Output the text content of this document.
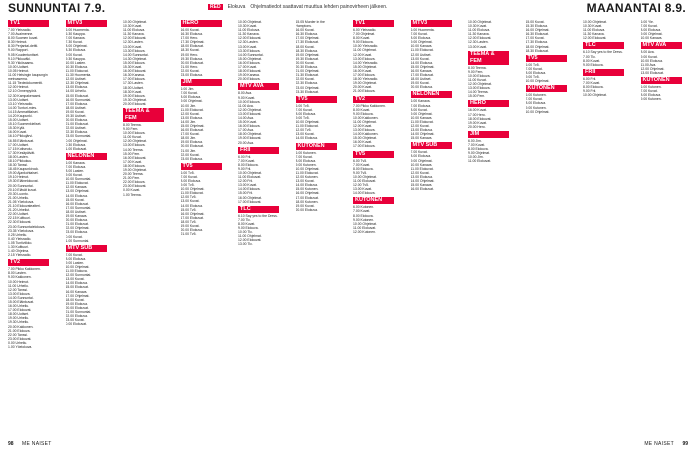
SUNNUNTAI 7.9.	RED	Elokuva Ohjelmatiedot saattavat muuttua lehden painovirheen jälkeen.	MAANANTAI 8.9.
TV1
7.00 Yleisradio.
7.00 Avaimenne.
8.00 Suomen kuvat.
8.30 Heimot.
8.30 Perjantai-deitti.
9.00 Rapport.
9.05 Kuudentuntiset.
9.10 Pikkuväki.
9.30 Ykkösaamu.
10.00 Uutiset.
10.05 Heimot.
11.00 Helsingin kaupungin
metroasema.
11.15 Tiededokumentti.
12.00 Heimot.
12.10 Onnenpyörä.
12.30 Kampakeraami.
13.00 Uutiset.
13.10 Yleisradio.
14.00 Tunturi-mies.
14.15 Ammattilaiset.
14.20 Kaupunki.
15.00 Uutiset.
15.10 Suomenkieliset.
15.30 Kylä.
16.00 Kuvat.
16.10 Pikkujärvi.
16.55 Eläinkuvat.
17.00 Uutiset.
17.15 Kotiseutu.
17.30 Kesäpäivät.
18.00 Lasten.
18.10 Pikkukuu.
18.30 Tanssi.
18.45 Kaupunkirock.
19.00 Ajankohtaiset.
19.10 Heimot.
19.30 Eläinelokuvat.
20.00 Sunnuntai.
20.10 Elävät kuvat.
20.30 Luonto.
21.00 Urheilu.
21.05 Yöelokuva.
21.10 Elokuvateatteri.
21.20 Urheilut.
22.00 Uutiset.
22.15 Kulttuuri.
22.30 Elokuvat.
23.00 Sunnuntaielokuva.
23.35 Yöelokuva.
0.25 Urheilu.
0.40 Yleisradio.
1.05 Tuntiviikko.
1.30 Kulttuuri.
1.40 Ohjelma.
2.15 Yleisradio.
TV2
7.00 Pikku Kakkonen.
8.00 Lasten.
9.00 Kakkonen.
10.00 Heimot.
11.00 Urheilu.
12.00 Tanssi.
13.00 Elokuva.
14.00 Sunnuntai.
15.00 Eläinkuvat.
16.00 Urheilu.
17.00 Elokuvat.
18.00 Uutiset.
19.00 Urheilu.
19.30 Urheilu.
20.00 Kakkonen.
21.00 Elokuva.
22.00 Tanssi.
23.00 Elokuvat.
0.00 Urheilu.
1.00 Yöelokuva.
MTV3
6.00 Huomenta.
6.30 Kauppa.
7.00 Kanava.
7.30 Kuvat.
8.00 Ohjelmat.
8.30 Elokuva.
9.00 Kuvat.
9.30 Kauppa.
10.00 Lasten.
10.30 Elokuva.
11.00 Elokuvat.
11.30 Huomenta.
12.00 Uutiset.
12.30 Ohjelmat.
13.00 Elokuva.
14.00 Urheilu.
15.00 Elokuvat.
16.00 Sunnuntai.
17.00 Elokuva.
18.00 Uutiset.
19.00 Kuvat.
19.30 Uutiset.
20.00 Elokuva.
21.00 Elokuvat.
22.00 Uutiset.
22.30 Elokuva.
23.00 Sunnuntai.
0.00 Ohjelmat.
0.30 Elokuva.
1.00 Elokuvat.
NELONEN
6.00 Kanava.
7.00 Elokuva.
8.00 Lasten.
9.00 Kuvat.
10.00 Sunnuntai.
11.00 Elokuvat.
12.00 Kanava.
13.00 Ohjelmat.
14.00 Elokuva.
15.00 Kuvat.
16.00 Elokuvat.
17.00 Sunnuntai.
18.00 Uutiset.
19.00 Kanava.
20.00 Elokuva.
21.00 Elokuvat.
22.00 Ohjelmat.
23.00 Elokuva.
0.00 Kuvat.
1.00 Sunnuntai.
MTV SUB
7.00 Kuvat.
8.00 Elokuva.
9.00 Lasten.
10.00 Ohjelmat.
11.00 Elokuva.
12.00 Sunnuntai.
13.00 Kuvat.
14.00 Elokuva.
15.00 Elokuvat.
16.00 Kanava.
17.00 Ohjelmat.
18.00 Kuvat.
19.00 Elokuva.
20.00 Elokuvat.
21.00 Sunnuntai.
22.00 Elokuva.
23.00 Kuvat.
0.00 Elokuvat.
10.00 Ohjelmat.
10.30 Kuvat.
11.00 Elokuva.
11.30 Kanava.
12.00 Elokuvat.
12.30 Lasten.
13.00 Kuvat.
13.30 Elokuva.
14.00 Sunnuntai.
14.30 Ohjelmat.
15.00 Elokuva.
15.30 Kuvat.
16.00 Elokuvat.
16.30 Kanava.
17.00 Elokuva.
17.30 Lasten.
18.00 Uutiset.
18.30 Kuvat.
19.00 Elokuva.
19.30 Ohjelmat.
20.00 Elokuvat.
TEEMA & FEM
8.00 Teema.
9.00 Fem.
10.00 Elokuva.
11.00 Kuvat.
12.00 Ohjelmat.
13.00 Elokuva.
14.00 Teema.
15.00 Fem.
16.00 Elokuvat.
17.00 Kuvat.
18.00 Elokuva.
19.00 Ohjelmat.
20.00 Teema.
21.00 Fem.
22.00 Elokuva.
23.00 Elokuvat.
0.00 Kuvat.
1.00 Teema.
HERO
16.00 Kuvat.
16.30 Elokuva.
17.00 Hero.
17.30 Ohjelmat.
18.00 Elokuvat.
18.30 Kuvat.
19.00 Hero.
19.30 Elokuva.
20.00 Elokuvat.
21.00 Hero.
22.00 Kuvat.
23.00 Elokuva.
JIM
6.00 Jim.
7.00 Kuvat.
8.00 Elokuva.
9.00 Ohjelmat.
10.00 Jim.
11.00 Elokuvat.
12.00 Kuvat.
13.00 Elokuva.
14.00 Jim.
15.00 Ohjelmat.
16.00 Elokuvat.
17.00 Kuvat.
18.00 Jim.
19.00 Elokuva.
20.00 Elokuvat.
21.00 Jim.
22.00 Kuvat.
23.00 Elokuva.
TV5
6.00 Tv5.
7.00 Kuvat.
8.00 Elokuva.
9.00 Tv5.
10.00 Ohjelmat.
11.00 Elokuvat.
12.00 Tv5.
13.00 Kuvat.
14.00 Elokuva.
15.00 Tv5.
16.00 Ohjelmat.
17.00 Elokuvat.
18.00 Tv5.
19.00 Kuvat.
20.00 Elokuva.
21.00 Tv5.
10.00 Ohjelmat.
10.30 Kuvat.
11.00 Elokuva.
11.30 Kanava.
12.00 Elokuvat.
12.30 Lasten.
13.00 Kuvat.
13.30 Elokuva.
14.00 Sunnuntai.
15.00 Ohjelmat.
16.00 Elokuva.
17.00 Kuvat.
18.00 Elokuvat.
19.00 Kanava.
20.00 Elokuva.
MTV AVA
8.00 Ava.
9.00 Kuvat.
10.00 Elokuva.
11.00 Ava.
12.00 Ohjelmat.
13.00 Elokuvat.
14.00 Ava.
15.00 Kuvat.
16.00 Elokuva.
17.00 Ava.
18.00 Ohjelmat.
19.00 Elokuvat.
20.00 Ava.
FRII
6.00 Frii.
7.00 Kuvat.
8.00 Elokuva.
9.00 Frii.
10.00 Ohjelmat.
11.00 Elokuvat.
12.00 Frii.
13.00 Kuvat.
14.00 Elokuva.
15.00 Frii.
16.00 Ohjelmat.
17.00 Elokuvat.
TLC
6.10 Say yes to the Dress.
7.00 Tlc.
8.00 Kuvat.
9.00 Elokuva.
10.00 Tlc.
11.00 Ohjelmat.
12.00 Elokuvat.
13.00 Tlc.
15.05 Murder in the Hamptons.
16.00 Kuvat.
16.30 Elokuva.
17.00 Ohjelmat.
17.30 Elokuvat.
18.00 Kuvat.
18.30 Elokuva.
19.00 Ohjelmat.
19.30 Elokuvat.
20.00 Kuvat.
20.30 Elokuva.
21.00 Ohjelmat.
21.30 Elokuvat.
22.00 Kuvat.
22.30 Elokuva.
23.00 Ohjelmat.
23.30 Elokuvat.
TV5
6.00 Tv5.
7.00 Kuvat.
8.00 Elokuva.
9.00 Tv5.
10.00 Ohjelmat.
11.00 Elokuvat.
12.00 Tv5.
13.00 Kuvat.
14.00 Elokuva.
KUTONEN
6.00 Kutonen.
7.00 Kuvat.
8.00 Elokuva.
9.00 Kutonen.
10.00 Ohjelmat.
11.00 Elokuvat.
12.00 Kutonen.
13.00 Kuvat.
14.00 Elokuva.
15.00 Kutonen.
16.00 Ohjelmat.
17.00 Elokuvat.
18.00 Kutonen.
19.00 Kuvat.
20.00 Elokuva.
TV1
6.00 Yleisradio.
7.00 Ohjelmat.
8.00 Kuvat.
9.00 Elokuva.
10.00 Yleisradio.
11.00 Ohjelmat.
12.00 Kuvat.
13.00 Elokuva.
14.00 Yleisradio.
15.00 Ohjelmat.
16.00 Kuvat.
17.00 Elokuva.
18.00 Yleisradio.
19.00 Ohjelmat.
20.00 Kuvat.
21.00 Elokuva.
TV2
7.00 Pikku Kakkonen.
8.00 Kuvat.
9.00 Elokuva.
10.00 Kakkonen.
11.00 Ohjelmat.
12.00 Kuvat.
13.00 Elokuva.
14.00 Kakkonen.
15.00 Ohjelmat.
16.00 Kuvat.
17.00 Elokuva.
TV5
6.00 Tv5.
7.00 Kuvat.
8.00 Elokuva.
9.00 Tv5.
10.00 Ohjelmat.
11.00 Elokuvat.
12.00 Tv5.
13.00 Kuvat.
14.00 Elokuva.
KUTONEN
6.00 Kutonen.
7.00 Kuvat.
8.00 Elokuva.
9.00 Kutonen.
10.00 Ohjelmat.
11.00 Elokuvat.
12.00 Kutonen.
MTV3
6.00 Huomenta.
7.00 Kuvat.
8.00 Elokuva.
9.00 Ohjelmat.
10.00 Kanava.
11.00 Elokuvat.
12.00 Uutiset.
13.00 Kuvat.
14.00 Elokuva.
15.00 Ohjelmat.
16.00 Kanava.
17.00 Elokuvat.
18.00 Uutiset.
19.00 Kuvat.
20.00 Elokuva.
NELONEN
6.00 Kanava.
7.00 Elokuva.
8.00 Kuvat.
9.00 Ohjelmat.
10.00 Kanava.
11.00 Elokuvat.
12.00 Kuvat.
13.00 Elokuva.
14.00 Ohjelmat.
15.00 Kanava.
MTV SUB
7.00 Kuvat.
8.00 Elokuva.
9.00 Ohjelmat.
10.00 Kanava.
11.00 Elokuvat.
12.00 Kuvat.
13.00 Elokuva.
14.00 Ohjelmat.
15.00 Kanava.
16.00 Elokuvat.
10.00 Ohjelmat.
10.30 Kuvat.
11.00 Elokuva.
11.30 Kanava.
12.00 Elokuvat.
12.30 Lasten.
13.00 Kuvat.
TEEMA & FEM
8.00 Teema.
9.00 Fem.
10.00 Elokuva.
11.00 Kuvat.
12.00 Ohjelmat.
13.00 Elokuva.
14.00 Teema.
15.00 Fem.
HERO
16.00 Kuvat.
17.00 Hero.
18.00 Elokuvat.
19.00 Kuvat.
20.00 Hero.
JIM
6.00 Jim.
7.00 Kuvat.
8.00 Elokuva.
9.00 Ohjelmat.
10.00 Jim.
11.00 Elokuvat.
15.00 Kuvat.
15.30 Elokuva.
16.00 Ohjelmat.
16.30 Elokuvat.
17.00 Kuvat.
17.30 Elokuva.
18.00 Ohjelmat.
18.30 Elokuvat.
TV5
6.00 Tv5.
7.00 Kuvat.
8.00 Elokuva.
9.00 Tv5.
10.00 Ohjelmat.
KUTONEN
6.00 Kutonen.
7.00 Kuvat.
8.00 Elokuva.
9.00 Kutonen.
10.00 Ohjelmat.
10.00 Ohjelmat.
10.30 Kuvat.
11.00 Elokuva.
11.30 Kanava.
12.00 Elokuvat.
TLC
6.10 Say yes to the Dress.
7.00 Tlc.
8.00 Kuvat.
9.00 Elokuva.
FRII
6.00 Frii.
7.00 Kuvat.
8.00 Elokuva.
9.00 Frii.
10.00 Ohjelmat.
6.00 Yle.
7.00 Kuvat.
8.00 Elokuva.
9.00 Ohjelmat.
10.00 Kanava.
MTV AVA
8.00 Ava.
9.00 Kuvat.
10.00 Elokuva.
11.00 Ava.
12.00 Ohjelmat.
13.00 Elokuvat.
KUTONEN
6.00 Kutonen.
7.00 Kuvat.
8.00 Elokuva.
9.00 Kutonen.
98 ME NAISET	ME NAISET 99
